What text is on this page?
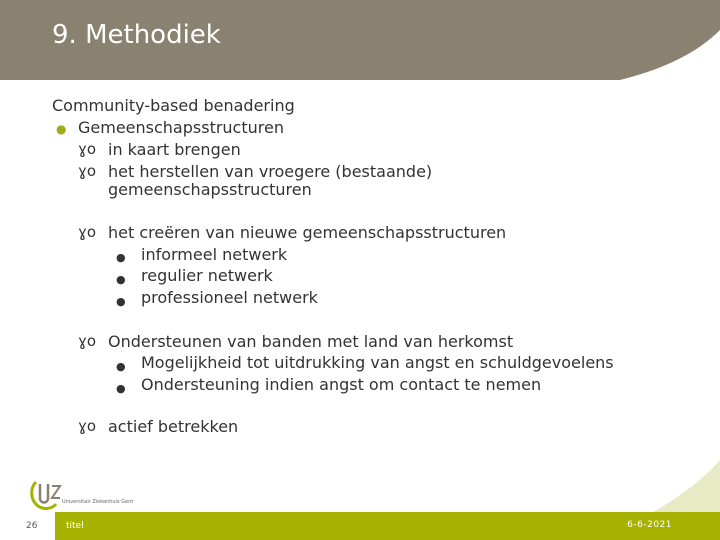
9. Methodiek
Community-based benadering
● Gemeenschapsstructuren
ɣo in kaart brengen
ɣo het herstellen van vroegere (bestaande)
gemeenschapsstructuren
ɣo het creëren van nieuwe gemeenschapsstructuren
● informeel netwerk
● regulier netwerk
● professioneel netwerk
ɣo Ondersteunen van banden met land van herkomst
● Mogelijkheid tot uitdrukking van angst en schuldgevoelens
● Ondersteuning indien angst om contact te nemen
ɣo actief betrekken
Universitair Ziekenhuis Gent
26	titel	6-6-2021
